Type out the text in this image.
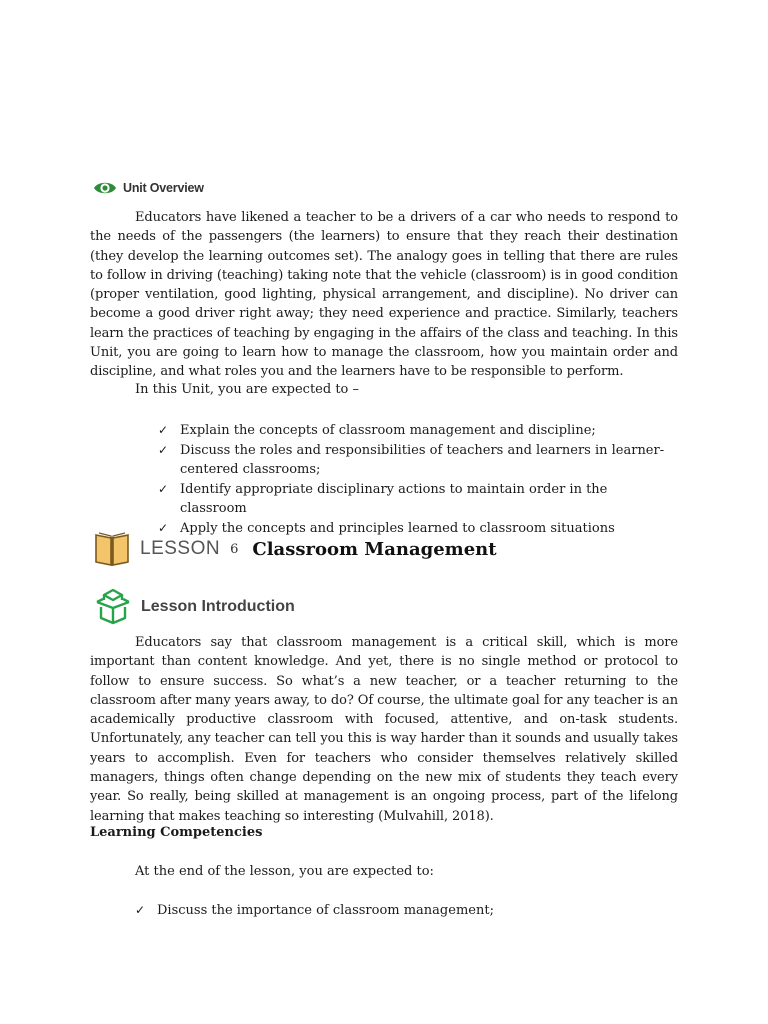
Unit Overview

Educators have likened a teacher to be a drivers of a car who needs to respond to the needs of the passengers (the learners) to ensure that they reach their destination (they develop the learning outcomes set). The analogy goes in telling that there are rules to follow in driving (teaching) taking note that the vehicle (classroom) is in good condition (proper ventilation, good lighting, physical arrangement, and discipline). No driver can become a good driver right away; they need experience and practice. Similarly, teachers learn the practices of teaching by engaging in the affairs of the class and teaching. In this Unit, you are going to learn how to manage the classroom, how you maintain order and discipline, and what roles you and the learners have to be responsible to perform.

In this Unit, you are expected to –
✓ Explain the concepts of classroom management and discipline;
✓ Discuss the roles and responsibilities of teachers and learners in learner-centered classrooms;
✓ Identify appropriate disciplinary actions to maintain order in the classroom
✓ Apply the concepts and principles learned to classroom situations
LESSON 6 Classroom Management
Lesson Introduction

Educators say that classroom management is a critical skill, which is more important than content knowledge. And yet, there is no single method or protocol to follow to ensure success. So what’s a new teacher, or a teacher returning to the classroom after many years away, to do? Of course, the ultimate goal for any teacher is an academically productive classroom with focused, attentive, and on-task students. Unfortunately, any teacher can tell you this is way harder than it sounds and usually takes years to accomplish. Even for teachers who consider themselves relatively skilled managers, things often change depending on the new mix of students they teach every year. So really, being skilled at management is an ongoing process, part of the lifelong learning that makes teaching so interesting (Mulvahill, 2018).

Learning Competencies
At the end of the lesson, you are expected to:
✓ Discuss the importance of classroom management;
